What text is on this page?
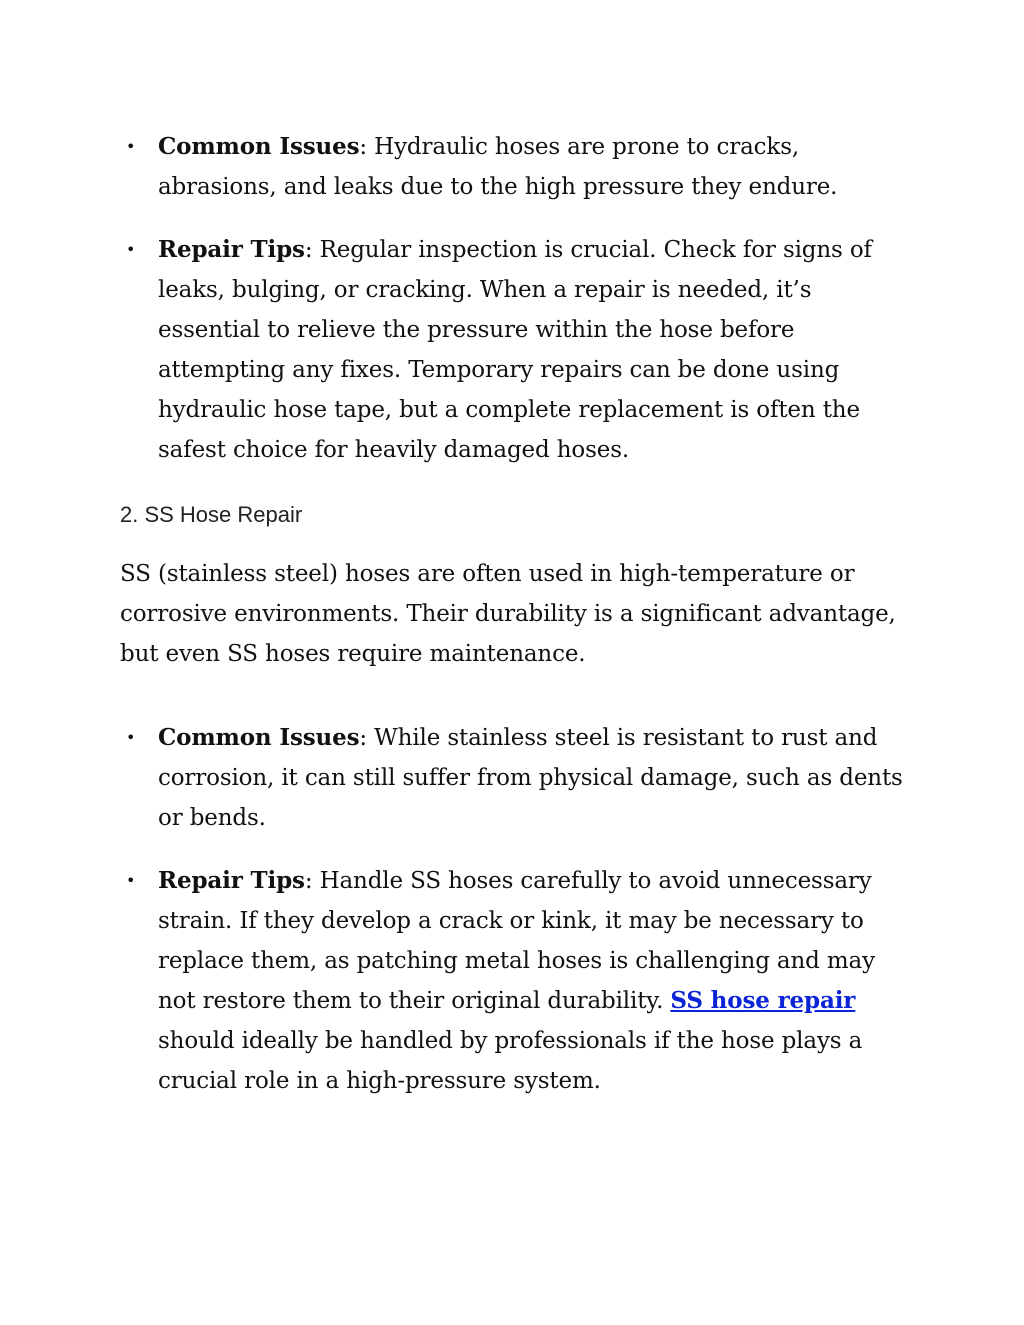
• Common Issues: Hydraulic hoses are prone to cracks, abrasions, and leaks due to the high pressure they endure.
• Repair Tips: Regular inspection is crucial. Check for signs of leaks, bulging, or cracking. When a repair is needed, it’s essential to relieve the pressure within the hose before attempting any fixes. Temporary repairs can be done using hydraulic hose tape, but a complete replacement is often the safest choice for heavily damaged hoses.
2. SS Hose Repair

SS (stainless steel) hoses are often used in high-temperature or corrosive environments. Their durability is a significant advantage, but even SS hoses require maintenance.

• Common Issues: While stainless steel is resistant to rust and corrosion, it can still suffer from physical damage, such as dents or bends.
• Repair Tips: Handle SS hoses carefully to avoid unnecessary strain. If they develop a crack or kink, it may be necessary to replace them, as patching metal hoses is challenging and may not restore them to their original durability. SS hose repair should ideally be handled by professionals if the hose plays a crucial role in a high-pressure system.
